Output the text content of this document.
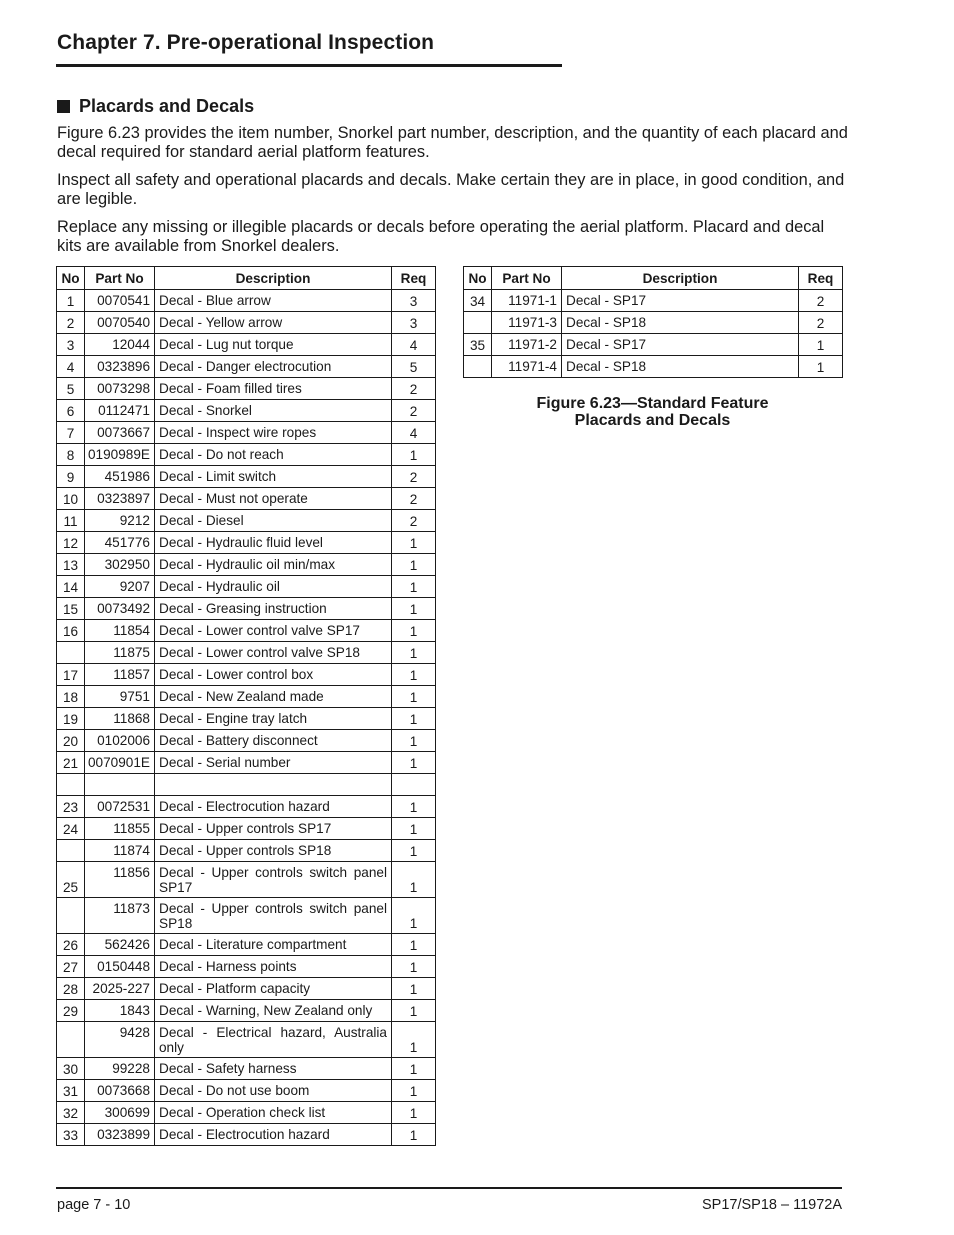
Chapter 7. Pre-operational Inspection
Placards and Decals

Figure 6.23 provides the item number, Snorkel part number, description, and the quantity of each placard and decal required for standard aerial platform features.

Inspect all safety and operational placards and decals. Make certain they are in place, in good condition, and are legible.

Replace any missing or illegible placards or decals before operating the aerial platform. Placard and decal kits are available from Snorkel dealers.

No	Part No	Description	Req
1	0070541	Decal - Blue arrow	3
2	0070540	Decal - Yellow arrow	3
3	12044	Decal - Lug nut torque	4
4	0323896	Decal - Danger electrocution	5
5	0073298	Decal - Foam filled tires	2
6	0112471	Decal - Snorkel	2
7	0073667	Decal - Inspect wire ropes	4
8	0190989E	Decal - Do not reach	1
9	451986	Decal - Limit switch	2
10	0323897	Decal - Must not operate	2
11	9212	Decal - Diesel	2
12	451776	Decal - Hydraulic fluid level	1
13	302950	Decal - Hydraulic oil min/max	1
14	9207	Decal - Hydraulic oil	1
15	0073492	Decal - Greasing instruction	1
16	11854	Decal - Lower control valve SP17	1
	11875	Decal - Lower control valve SP18	1
17	11857	Decal - Lower control box	1
18	9751	Decal - New Zealand made	1
19	11868	Decal - Engine tray latch	1
20	0102006	Decal - Battery disconnect	1
21	0070901E	Decal - Serial number	1

23	0072531	Decal - Electrocution hazard	1
24	11855	Decal - Upper controls SP17	1
	11874	Decal - Upper controls SP18	1
25	11856	Decal - Upper controls switch panel SP17	1
	11873	Decal - Upper controls switch panel SP18	1
26	562426	Decal - Literature compartment	1
27	0150448	Decal - Harness points	1
28	2025-227	Decal - Platform capacity	1
29	1843	Decal - Warning, New Zealand only	1
	9428	Decal - Electrical hazard, Australia only	1
30	99228	Decal - Safety harness	1
31	0073668	Decal - Do not use boom	1
32	300699	Decal - Operation check list	1
33	0323899	Decal - Electrocution hazard	1
No	Part No	Description	Req
34	11971-1	Decal - SP17	2
	11971-3	Decal - SP18	2
35	11971-2	Decal - SP17	1
	11971-4	Decal - SP18	1
Figure 6.23—Standard Feature
Placards and Decals
page 7 - 10	SP17/SP18 – 11972A
